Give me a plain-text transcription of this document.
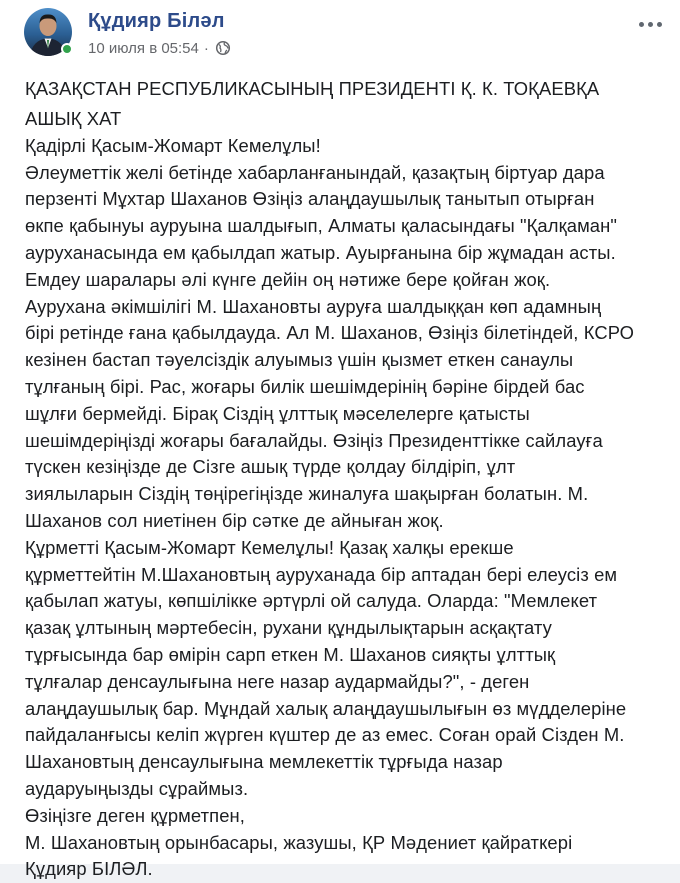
Құдияр Біләл
10 июля в 05:54 ·

ҚАЗАҚСТАН РЕСПУБЛИКАСЫНЫҢ ПРЕЗИДЕНТІ Қ. К. ТОҚАЕВҚА

АШЫҚ ХАТ

Қадірлі Қасым-Жомарт Кемелұлы!

Әлеуметтік желі бетінде хабарланғанындай, қазақтың біртуар дара

перзенті Мұхтар Шаханов Өзіңіз алаңдаушылық танытып отырған

өкпе қабынуы ауруына шалдығып, Алматы қаласындағы "Қалқаман"

ауруханасында ем қабылдап жатыр. Ауырғанына бір жұмадан асты.

Емдеу шаралары әлі күнге дейін оң нәтиже бере қойған жоқ.

Аурухана әкімшілігі М. Шахановты ауруға шалдыққан көп адамның

бірі ретінде ғана қабылдауда. Ал М. Шаханов, Өзіңіз білетіндей, КСРО

кезінен бастап тәуелсіздік алуымыз үшін қызмет еткен санаулы

тұлғаның бірі. Рас, жоғары билік шешімдерінің бәріне бірдей бас

шұлғи бермейді. Бірақ Сіздің ұлттық мәселелерге қатысты

шешімдеріңізді жоғары бағалайды. Өзіңіз Президенттікке сайлауға

түскен кезіңізде де Сізге ашық түрде қолдау білдіріп, ұлт

зиялыларын Сіздің төңірегіңізде жиналуға шақырған болатын. М.

Шаханов сол ниетінен бір сәтке де айныған жоқ.

Құрметті Қасым-Жомарт Кемелұлы! Қазақ халқы ерекше

құрметтейтін М.Шахановтың ауруханада бір аптадан бері елеусіз ем

қабылап жатуы, көпшілікке әртүрлі ой салуда. Оларда: "Мемлекет

қазақ ұлтының мәртебесін, рухани құндылықтарын асқақтату

тұрғысында бар өмірін сарп еткен М. Шаханов сияқты ұлттық

тұлғалар денсаулығына неге назар аудармайды?", - деген

алаңдаушылық бар. Мұндай халық алаңдаушылығын өз мүдделеріне

пайдаланғысы келіп жүрген күштер де аз емес. Соған орай Сізден М.

Шахановтың денсаулығына мемлекеттік тұрғыда назар

аударуыңызды сұраймыз.

Өзіңізге деген құрметпен,

М. Шахановтың орынбасары, жазушы, ҚР Мәдениет қайраткері

Құдияр БІЛӘЛ.
